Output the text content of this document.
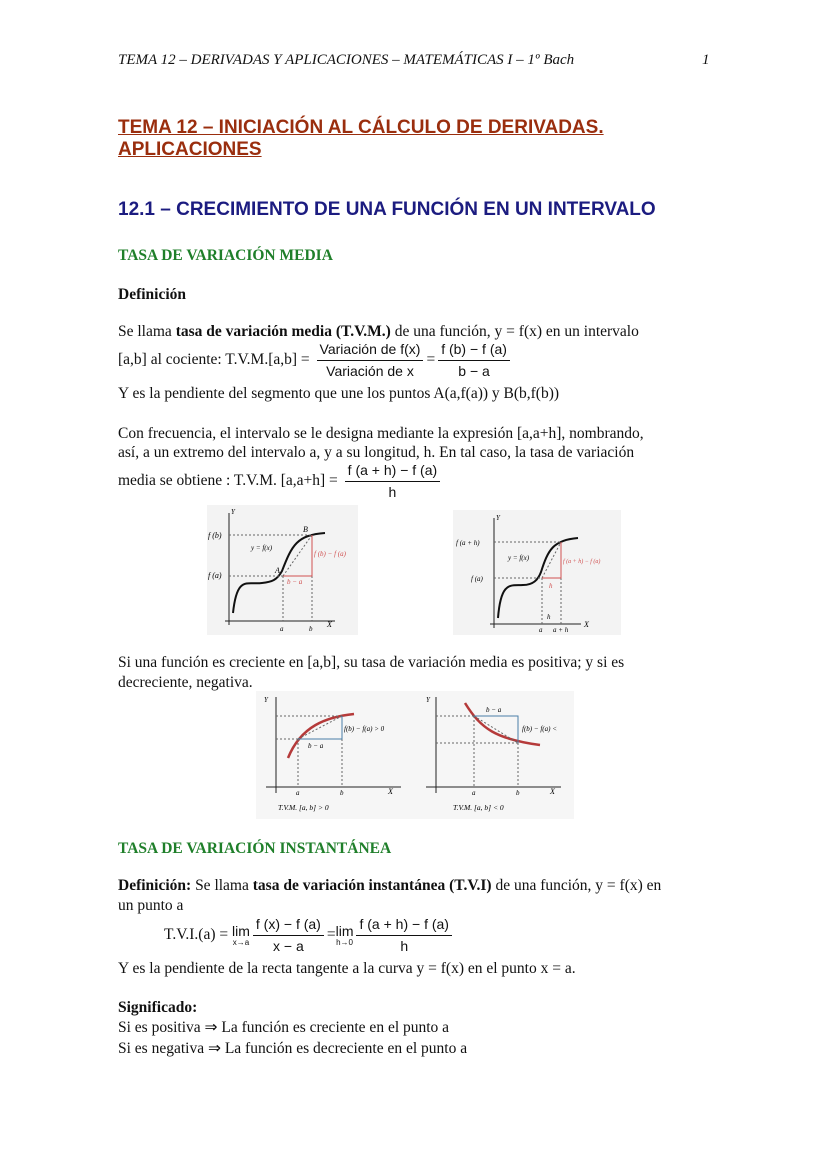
TEMA 12 – DERIVADAS Y APLICACIONES – MATEMÁTICAS I – 1º Bach	1
TEMA 12 – INICIACIÓN AL CÁLCULO DE DERIVADAS.
APLICACIONES
12.1 – CRECIMIENTO DE UNA FUNCIÓN EN UN INTERVALO
TASA DE VARIACIÓN MEDIA
Definición
Se llama tasa de variación media (T.V.M.) de una función, y = f(x) en un intervalo
[a,b] al cociente: $T.V.M.[a,b] = \frac{\text{Variación de f(x)}}{\text{Variación de x}} = \frac{f (b) - f (a)}{b - a}$
Y es la pendiente del segmento que une los puntos A(a,f(a)) y B(b,f(b))
Con frecuencia, el intervalo se le designa mediante la expresión [a,a+h], nombrando,
así, a un extremo del intervalo a, y a su longitud, h. En tal caso, la tasa de variación
media se obtiene : T.V.M. $[a,a+h] = \frac{f (a + h) - f (a)}{h}$
Y
X
f (b)
f (a)
B
A
y = f(x)
f (b) − f (a)
b − a
a	b
Y
X
f (a + h)
f (a)
y = f(x)	f (a + h) − f (a)
h
h
a a + h
Si una función es creciente en [a,b], su tasa de variación media es positiva; y si es
decreciente, negativa.
Y
X
f(b) − f(a) > 0
b − a
a	b
T.V.M. [a, b] > 0
Y
X
f(b) − f(a) <
b − a
a	b
T.V.M. [a, b] < 0
TASA DE VARIACIÓN INSTANTÁNEA
Definición: Se llama tasa de variación instantánea (T.V.I) de una función, y = f(x) en
un punto a
T.V.I.(a) = lim
$x\to a \frac{f (x) - f (a)}{x - a} = \lim$
$h\to 0 \frac{f (a + h) - f (a)}{h}$
Y es la pendiente de la recta tangente a la curva y = f(x) en el punto x = a.
Significado:
Si es positiva ⇒ La función es creciente en el punto a
Si es negativa ⇒ La función es decreciente en el punto a
